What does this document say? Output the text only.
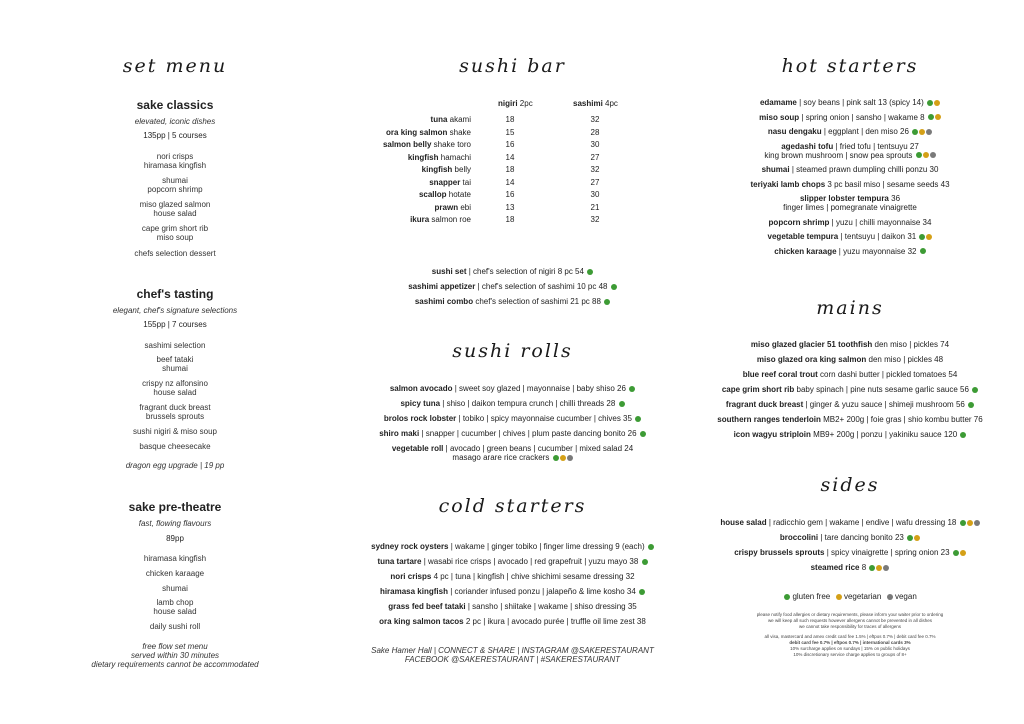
set menu
sake classics
elevated, iconic dishes
135pp | 5 courses
nori crisps
hiramasa kingfish
shumai
popcorn shrimp
miso glazed salmon
house salad
cape grim short rib
miso soup
chefs selection dessert
chef's tasting
elegant, chef's signature selections
155pp | 7 courses
sashimi selection
beef tataki
shumai
crispy nz alfonsino
house salad
fragrant duck breast
brussels sprouts
sushi nigiri & miso soup
basque cheesecake
dragon egg upgrade | 19 pp
sake pre-theatre
fast, flowing flavours
89pp
hiramasa kingfish
chicken karaage
shumai
lamb chop
house salad
daily sushi roll
free flow set menu
served within 30 minutes
dietary requirements cannot be accommodated
sushi bar
nigiri 2pc	sashimi 4pc
tuna akami	18	32
ora king salmon shake	15	28
salmon belly shake toro	16	30
kingfish hamachi	14	27
kingfish belly	18	32
snapper tai	14	27
scallop hotate	16	30
prawn ebi	13	21
ikura salmon roe	18	32
sushi set | chef's selection of nigiri 8 pc 54
sashimi appetizer | chef's selection of sashimi 10 pc 48
sashimi combo chef's selection of sashimi 21 pc 88
sushi rolls
salmon avocado | sweet soy glazed | mayonnaise | baby shiso 26
spicy tuna | shiso | daikon tempura crunch | chilli threads 28
brolos rock lobster | tobiko | spicy mayonnaise cucumber | chives 35
shiro maki | snapper | cucumber | chives | plum paste dancing bonito 26
vegetable roll | avocado | green beans | cucumber | mixed salad 24
masago arare rice crackers
cold starters
sydney rock oysters | wakame | ginger tobiko | finger lime dressing 9 (each)
tuna tartare | wasabi rice crisps | avocado | red grapefruit | yuzu mayo 38
nori crisps 4 pc | tuna | kingfish | chive shichimi sesame dressing 32
hiramasa kingfish | coriander infused ponzu | jalapeño & lime kosho 34
grass fed beef tataki | sansho | shiitake | wakame | shiso dressing 35
ora king salmon tacos 2 pc | ikura | avocado purée | truffle oil lime zest 38
Sake Hamer Hall | CONNECT & SHARE | INSTAGRAM @SAKERESTAURANT
FACEBOOK @SAKERESTAURANT | #SAKERESTAURANT
hot starters
edamame | soy beans | pink salt 13 (spicy 14)
miso soup | spring onion | sansho | wakame 8
nasu dengaku | eggplant | den miso 26
agedashi tofu | fried tofu | tentsuyu 27
king brown mushroom | snow pea sprouts
shumai | steamed prawn dumpling chilli ponzu 30
teriyaki lamb chops 3 pc basil miso | sesame seeds 43
slipper lobster tempura 36
finger limes | pomegranate vinaigrette
popcorn shrimp | yuzu | chilli mayonnaise 34
vegetable tempura | tentsuyu | daikon 31
chicken karaage | yuzu mayonnaise 32
mains
miso glazed glacier 51 toothfish den miso | pickles 74
miso glazed ora king salmon den miso | pickles 48
blue reef coral trout corn dashi butter | pickled tomatoes 54
cape grim short rib baby spinach | pine nuts sesame garlic sauce 56
fragrant duck breast | ginger & yuzu sauce | shimeji mushroom 56
southern ranges tenderloin MB2+ 200g | foie gras | shio kombu butter 76
icon wagyu striploin MB9+ 200g | ponzu | yakiniku sauce 120
sides
house salad | radicchio gem | wakame | endive | wafu dressing 18
broccolini | tare dancing bonito 23
crispy brussels sprouts | spicy vinaigrette | spring onion 23
steamed rice 8
gluten free vegetarian vegan
please notify food allergies or dietary requirements, please inform your waiter prior to ordering
we will keep all such requests however allergens cannot be prevented in all dishes
we cannot take responsibility for traces of allergens
all visa, mastercard and amex credit card fee 1.5% | eftpos 0.7% | debit card fee 0.7%
debit card fee 0.7% | eftpos 0.7% | international cards 3%
10% surcharge applies on sundays | 15% on public holidays
10% discretionary service charge applies to groups of 8+
